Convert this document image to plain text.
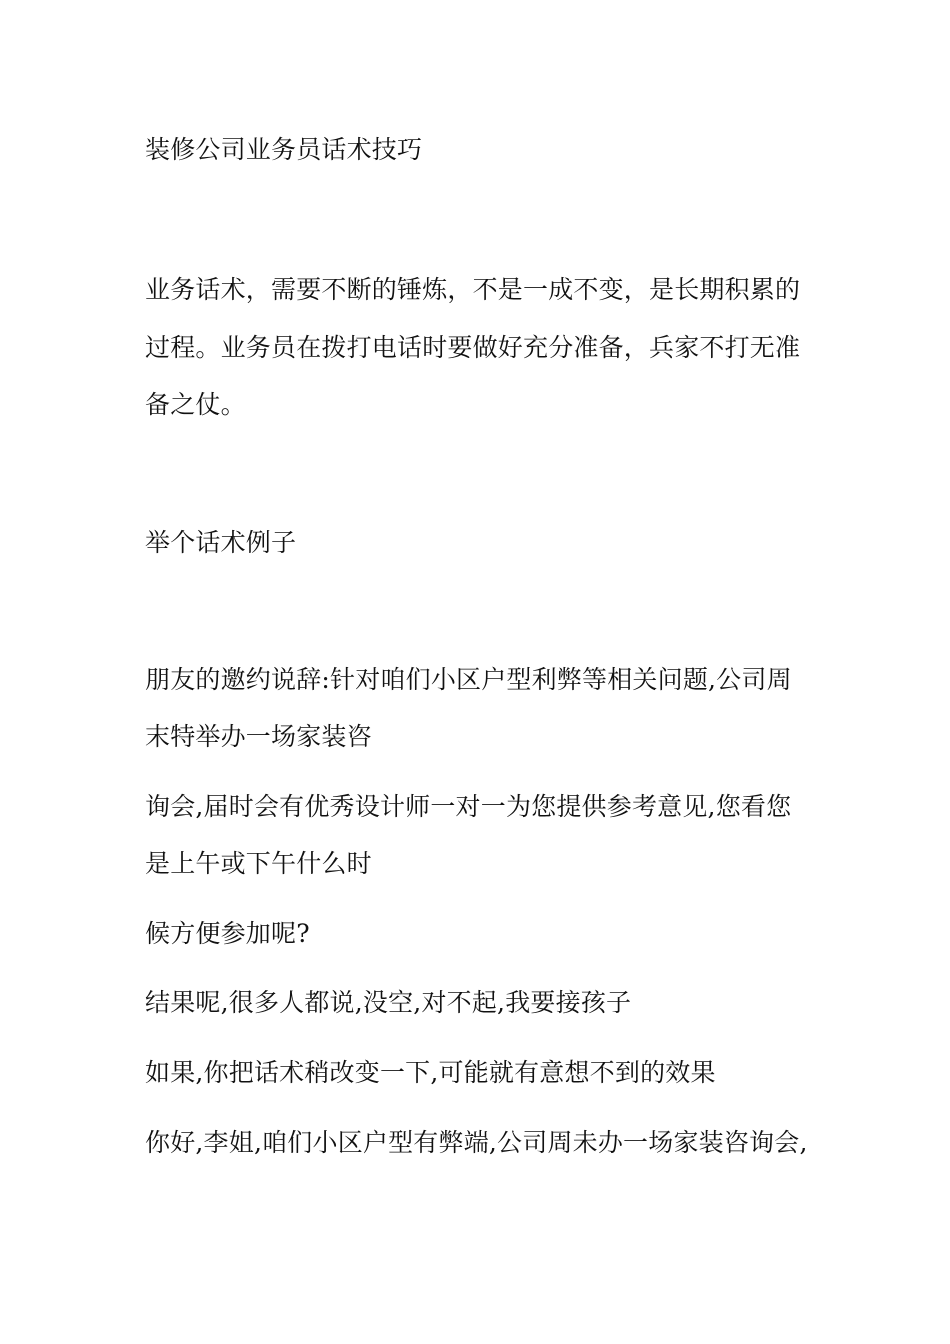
装修公司业务员话术技巧
业务话术，需要不断的锤炼，不是一成不变，是长期积累的
过程。业务员在拨打电话时要做好充分准备，兵家不打无准
备之仗。
举个话术例子
朋友的邀约说辞:针对咱们小区户型利弊等相关问题,公司周
末特举办一场家装咨
询会,届时会有优秀设计师一对一为您提供参考意见,您看您
是上午或下午什么时
候方便参加呢?
结果呢,很多人都说,没空,对不起,我要接孩子
如果,你把话术稍改变一下,可能就有意想不到的效果
你好,李姐,咱们小区户型有弊端,公司周未办一场家装咨询会,
